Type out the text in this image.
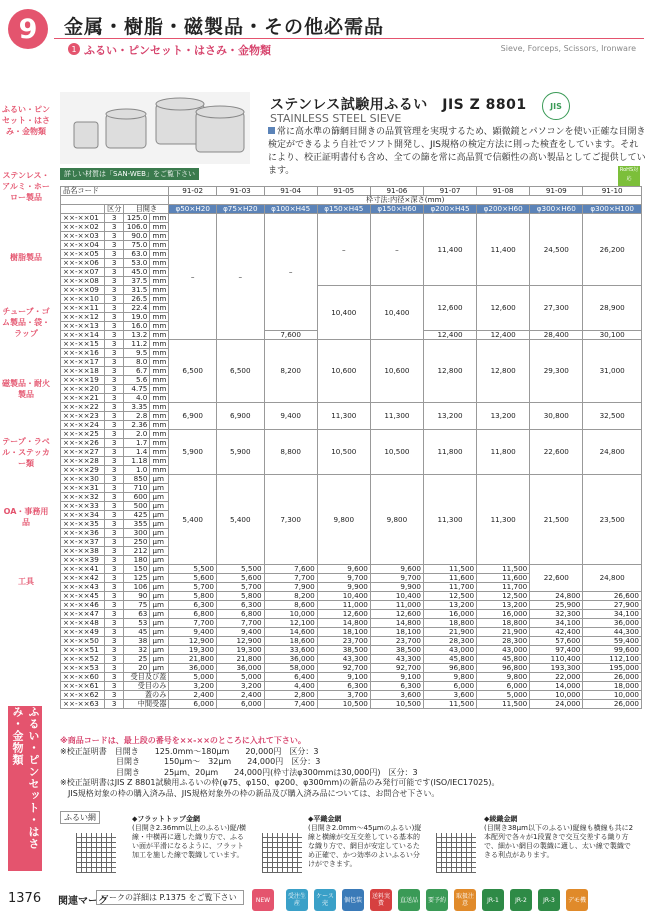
9	金属・樹脂・磁製品・その他必需品
1 ふるい・ピンセット・はさみ・金物類	Sieve, Forceps, Scissors, Ironware
ふるい・ピンセット・はさみ・金物類
ステンレス・アルミ・ホーロー製品
樹脂製品
チューブ・ゴム製品・袋・ラップ
磁製品・耐火製品
テープ・ラベル・ステッカー類
OA・事務用品
工具
ふるい・ピンセット・はさみ・金物類
ステンレス試験用ふるい　JIS Z 8801
STAINLESS STEEL SIEVE
JIS
常に高水準の篩網目開きの品質管理を実現するため、顕微鏡とパソコンを使い正確な目開き検定ができるよう自社でソフト開発し、JIS規格の検定方法に則った検査をしています。それにより、校正証明書付も含め、全ての篩を常に高品質で信頼性の高い製品としてご提供しています。
詳しい材質は「SAN-WEB」をご覧下さい	RoHS対応
品名コード				91-02	91-03	91-04	91-05	91-06	91-07	91-08	91-09	91-10
				枠寸法:内径×深さ(mm)								
	区分	目開き		φ50×H20	φ75×H20	φ100×H45	φ150×H45	φ150×H60	φ200×H45	φ200×H60	φ300×H60	φ300×H100
××-××01	3	125.0	mm	–	–	–	–	–	11,400	11,400	24,500	26,200
××-××02	3	106.0	mm									
××-××03	3	90.0	mm									
××-××04	3	75.0	mm									
××-××05	3	63.0	mm									
××-××06	3	53.0	mm									
××-××07	3	45.0	mm									
××-××08	3	37.5	mm									
××-××09	3	31.5	mm				10,400	10,400	12,600	12,600	27,300	28,900
××-××10	3	26.5	mm									
××-××11	3	22.4	mm									
××-××12	3	19.0	mm									
××-××13	3	16.0	mm									
××-××14	3	13.2	mm			7,600			12,400	12,400	28,400	30,100
××-××15	3	11.2	mm	6,500	6,500	8,200	10,600	10,600	12,800	12,800	29,300	31,000
××-××16	3	9.5	mm									
××-××17	3	8.0	mm									
××-××18	3	6.7	mm									
××-××19	3	5.6	mm									
××-××20	3	4.75	mm									
××-××21	3	4.0	mm									
××-××22	3	3.35	mm	6,900	6,900	9,400	11,300	11,300	13,200	13,200	30,800	32,500
××-××23	3	2.8	mm									
××-××24	3	2.36	mm									
××-××25	3	2.0	mm	5,900	5,900	8,800	10,500	10,500	11,800	11,800	22,600	24,800
××-××26	3	1.7	mm									
××-××27	3	1.4	mm									
××-××28	3	1.18	mm									
××-××29	3	1.0	mm									
××-××30	3	850	μm	5,400	5,400	7,300	9,800	9,800	11,300	11,300	21,500	23,500
××-××31	3	710	μm									
××-××32	3	600	μm									
××-××33	3	500	μm									
××-××34	3	425	μm									
××-××35	3	355	μm									
××-××36	3	300	μm									
××-××37	3	250	μm									
××-××38	3	212	μm									
××-××39	3	180	μm									
××-××41	3	150	μm	5,500	5,500	7,600	9,600	9,600	11,500	11,500	22,600	24,800
××-××42	3	125	μm	5,600	5,600	7,700	9,700	9,700	11,600	11,600		
××-××43	3	106	μm	5,700	5,700	7,900	9,900	9,900	11,700	11,700		
××-××45	3	90	μm	5,800	5,800	8,200	10,400	10,400	12,500	12,500	24,800	26,600
××-××46	3	75	μm	6,300	6,300	8,600	11,000	11,000	13,200	13,200	25,900	27,900
××-××47	3	63	μm	6,800	6,800	10,000	12,600	12,600	16,000	16,000	32,300	34,100
××-××48	3	53	μm	7,700	7,700	12,100	14,800	14,800	18,800	18,800	34,100	36,000
××-××49	3	45	μm	9,400	9,400	14,600	18,100	18,100	21,900	21,900	42,400	44,300
××-××50	3	38	μm	12,900	12,900	18,600	23,700	23,700	28,300	28,300	57,600	59,400
××-××51	3	32	μm	19,300	19,300	33,600	38,500	38,500	43,000	43,000	97,400	99,600
××-××52	3	25	μm	21,800	21,800	36,000	43,300	43,300	45,800	45,800	110,400	112,100
××-××53	3	20	μm	36,000	36,000	58,000	92,700	92,700	96,800	96,800	193,300	195,000
××-××60	3	受目及び蓋		5,000	5,000	6,400	9,100	9,100	9,800	9,800	22,000	26,000
××-××61	3	受目のみ		3,200	3,200	4,400	6,300	6,300	6,000	6,000	14,000	18,000
××-××62	3	蓋のみ		2,400	2,400	2,800	3,700	3,600	3,600	5,000	10,000	10,000
××-××63	3	中間受器		6,000	6,000	7,400	10,500	10,500	11,500	11,500	24,000	26,000
※商品コードは、最上段の番号を××-××のところに入れて下さい。
※校正証明書　目開き　　125.0mm～180μm　　20,000円　区分：3
　　　　　　　目開き　　　150μm～　32μm　　24,000円　区分：3
　　　　　　　目開き　　　25μm、20μm　　24,000円(枠寸法φ300mmは30,000円)　区分：3
※校正証明書はJIS Z 8801試験用ふるいの枠(φ75、φ150、φ200、φ300mm)の新品のみ発行可能です(ISO/IEC17025)。
　JIS規格対象の枠の購入済み品、JIS規格対象外の枠の新品及び購入済み品については、お問合せ下さい。
ふるい網	◆フラットトップ金網
(目開き2.36mm以上のふるい)縦/横線・中横再に適した織り方で、ふるい面が平滑になるように、フラット加工を施した線で製織しています。
◆平織金網
(目開き2.0mm～45μmのふるい)縦線と横線が交互交差している基本的な織り方で、網目が安定しているため正確で、かつ効率のよいふるい分けができます。
◆綾織金網
(目開き38μm以下のふるい)縦線も横線も共に2本配列で各々が1段置きで交互交差する織り方で、細かい網目の製織に適し、太い線で製織できる利点があります。
1376 関連マーク
マークの詳細は P.1375 をご覧下さい	NEW	受注生産
ケース売	個包装	送料実費	直送品	要予約	取扱注意	JR-1	JR-2	JR-3	デモ機
